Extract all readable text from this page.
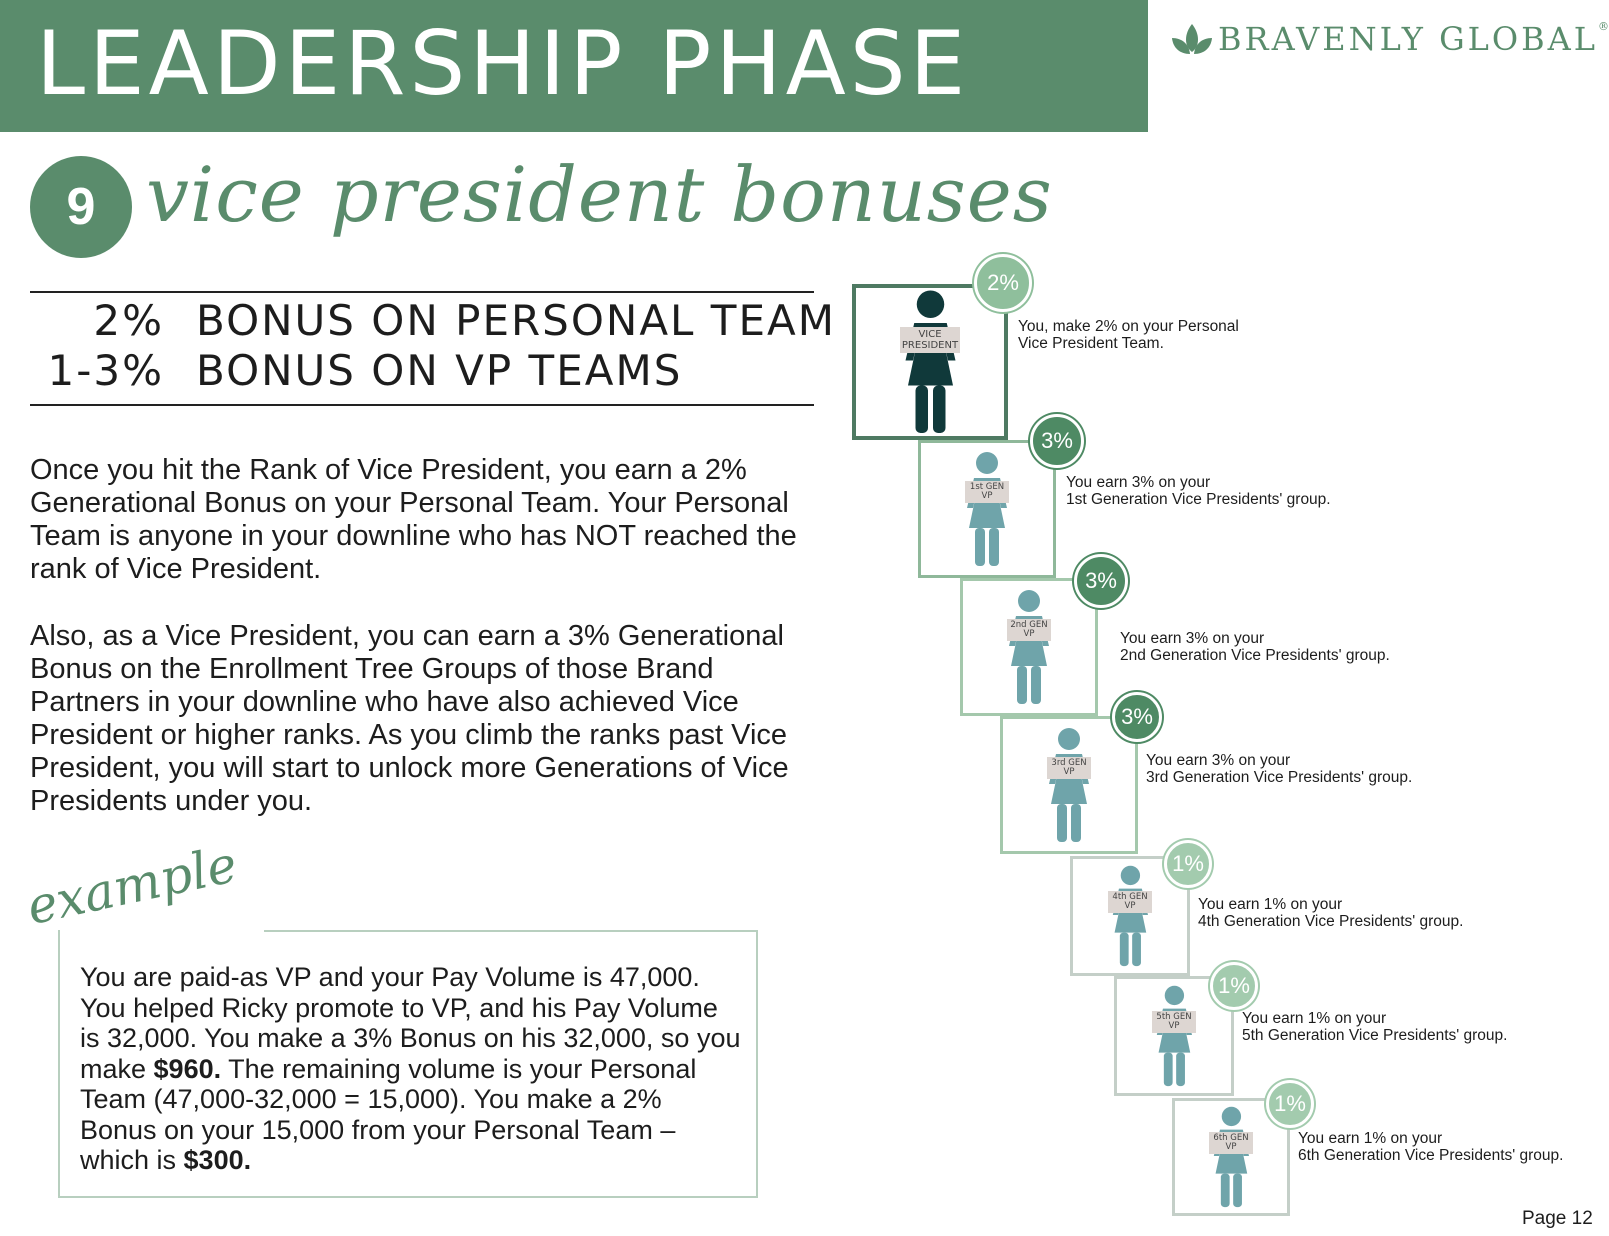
LEADERSHIP PHASE	BRAVENLY GLOBAL®
9 vice president bonuses
2% BONUS ON PERSONAL TEAM
1-3% BONUS ON VP TEAMS
Once you hit the Rank of Vice President, you earn a 2% Generational Bonus on your Personal Team. Your Personal Team is anyone in your downline who has NOT reached the rank of Vice President.
Also, as a Vice President, you can earn a 3% Generational Bonus on the Enrollment Tree Groups of those Brand Partners in your downline who have also achieved Vice President or higher ranks. As you climb the ranks past Vice President, you will start to unlock more Generations of Vice Presidents under you.
example
You are paid-as VP and your Pay Volume is 47,000. You helped Ricky promote to VP, and his Pay Volume is 32,000. You make a 3% Bonus on his 32,000, so you make $960. The remaining volume is your Personal Team (47,000-32,000 = 15,000). You make a 2% Bonus on your 15,000 from your Personal Team – which is $300.
VICE PRESIDENT
2%
You, make 2% on your Personal
Vice President Team.
1st GEN VP
3%
You earn 3% on your
1st Generation Vice Presidents' group.
2nd GEN VP
3%
You earn 3% on your
2nd Generation Vice Presidents' group.
3rd GEN VP
3%
You earn 3% on your
3rd Generation Vice Presidents' group.
4th GEN VP
1%
You earn 1% on your
4th Generation Vice Presidents' group.
5th GEN VP
1%
You earn 1% on your
5th Generation Vice Presidents' group.
6th GEN VP
1%
You earn 1% on your
6th Generation Vice Presidents' group.
Page 12
